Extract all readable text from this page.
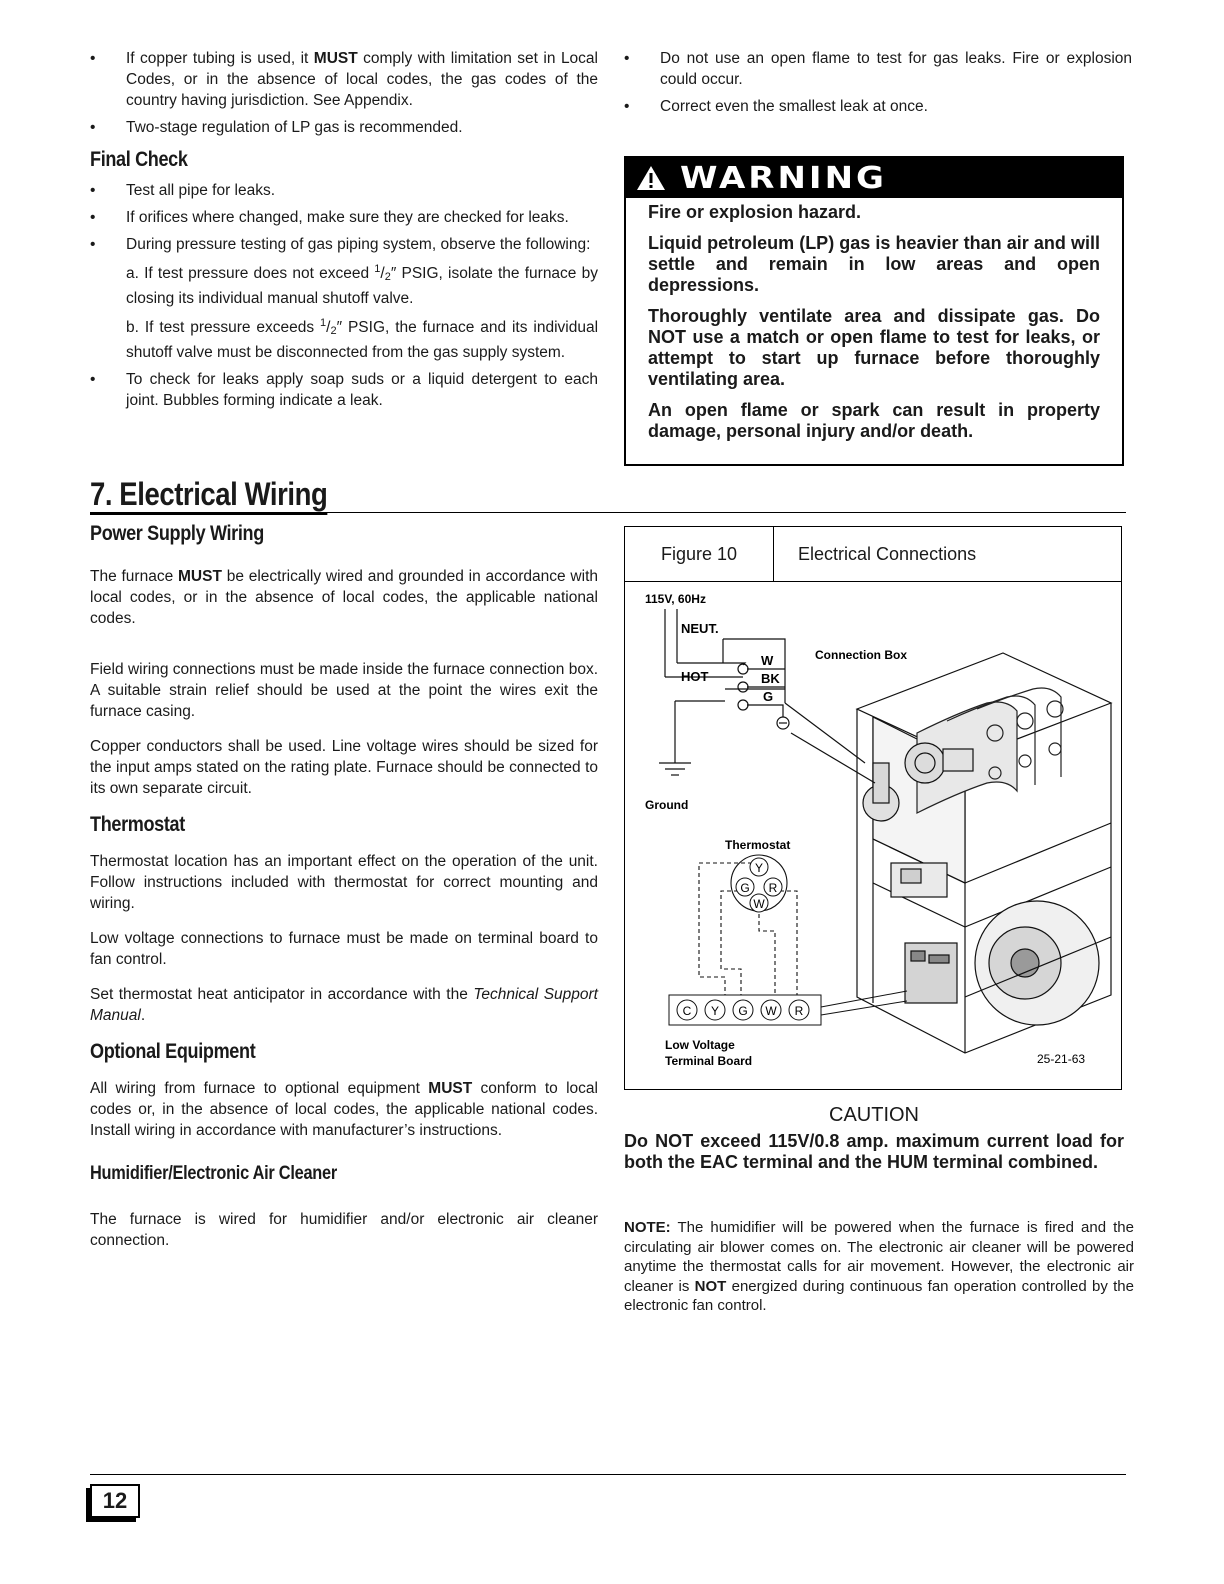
• If copper tubing is used, it MUST comply with limitation set in Local Codes, or in the absence of local codes, the gas codes of the country having jurisdiction. See Appendix.
• Two-stage regulation of LP gas is recommended.
Final Check
• Test all pipe for leaks.
• If orifices where changed, make sure they are checked for leaks.
• During pressure testing of gas piping system, observe the following:

a. If test pressure does not exceed $^1$/2″ PSIG, isolate the furnace by closing its individual manual shutoff valve.

b. If test pressure exceeds $^1$/2″ PSIG, the furnace and its individual shutoff valve must be disconnected from the gas supply system.

• To check for leaks apply soap suds or a liquid detergent to each joint. Bubbles forming indicate a leak.
• Do not use an open flame to test for gas leaks. Fire or explosion could occur.
• Correct even the smallest leak at once.
WARNING

Fire or explosion hazard.

Liquid petroleum (LP) gas is heavier than air and will settle and remain in low areas and open depressions.

Thoroughly ventilate area and dissipate gas. Do NOT use a match or open flame to test for leaks, or attempt to start up furnace before thoroughly ventilating area.

An open flame or spark can result in property damage, personal injury and/or death.

7. Electrical Wiring
Power Supply Wiring

The furnace MUST be electrically wired and grounded in accordance with local codes, or in the absence of local codes, the applicable national codes.

Field wiring connections must be made inside the furnace connection box. A suitable strain relief should be used at the point the wires exit the furnace casing.

Copper conductors shall be used. Line voltage wires should be sized for the input amps stated on the rating plate. Furnace should be connected to its own separate circuit.

Thermostat

Thermostat location has an important effect on the operation of the unit. Follow instructions included with thermostat for correct mounting and wiring.

Low voltage connections to furnace must be made on terminal board to fan control.

Set thermostat heat anticipator in accordance with the Technical Support Manual.

Optional Equipment

All wiring from furnace to optional equipment MUST conform to local codes or, in the absence of local codes, the applicable national codes. Install wiring in accordance with manufacturer’s instructions.

Humidifier/Electronic Air Cleaner

The furnace is wired for humidifier and/or electronic air cleaner connection.

Figure 10	Electrical Connections
115V, 60Hz
NEUT.
HOT
W
BK
G
Connection Box
Ground
Thermostat
Y
G R
W
C Y G W R
Low Voltage
Terminal Board	25-21-63
CAUTION

Do NOT exceed 115V/0.8 amp. maximum current load for both the EAC terminal and the HUM terminal combined.

NOTE: The humidifier will be powered when the furnace is fired and the circulating air blower comes on. The electronic air cleaner will be powered anytime the thermostat calls for air movement. However, the electronic air cleaner is NOT energized during continuous fan operation controlled by the electronic fan control.

12
